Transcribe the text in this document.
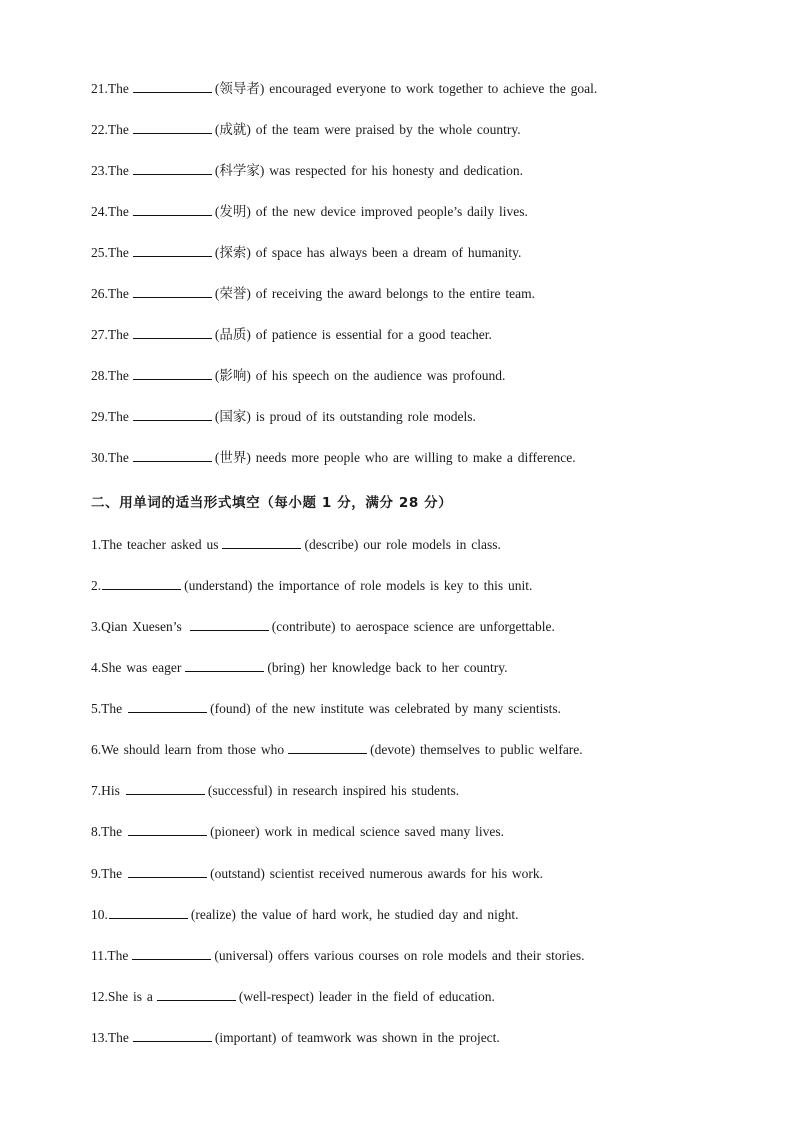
21.The	(领导者) encouraged everyone to work together to achieve the goal.
22.The	(成就) of the team were praised by the whole country.
23.The	(科学家) was respected for his honesty and dedication.
24.The	(发明) of the new device improved people’s daily lives.
25.The	(探索) of space has always been a dream of humanity.
26.The	(荣誉) of receiving the award belongs to the entire team.
27.The	(品质) of patience is essential for a good teacher.
28.The	(影响) of his speech on the audience was profound.
29.The	(国家) is proud of its outstanding role models.
30.The	(世界) needs more people who are willing to make a difference.
二、用单词的适当形式填空（每小题 1 分，满分 28 分）
1.The teacher asked us	(describe) our role models in class.
2.	(understand) the importance of role models is key to this unit.
3.Qian Xuesen’s	(contribute) to aerospace science are unforgettable.
4.She was eager	(bring) her knowledge back to her country.
5.The	(found) of the new institute was celebrated by many scientists.
6.We should learn from those who	(devote) themselves to public welfare.
7.His	(successful) in research inspired his students.
8.The	(pioneer) work in medical science saved many lives.
9.The	(outstand) scientist received numerous awards for his work.
10.	(realize) the value of hard work, he studied day and night.
11.The	(universal) offers various courses on role models and their stories.
12.She is a	(well-respect) leader in the field of education.
13.The	(important) of teamwork was shown in the project.
